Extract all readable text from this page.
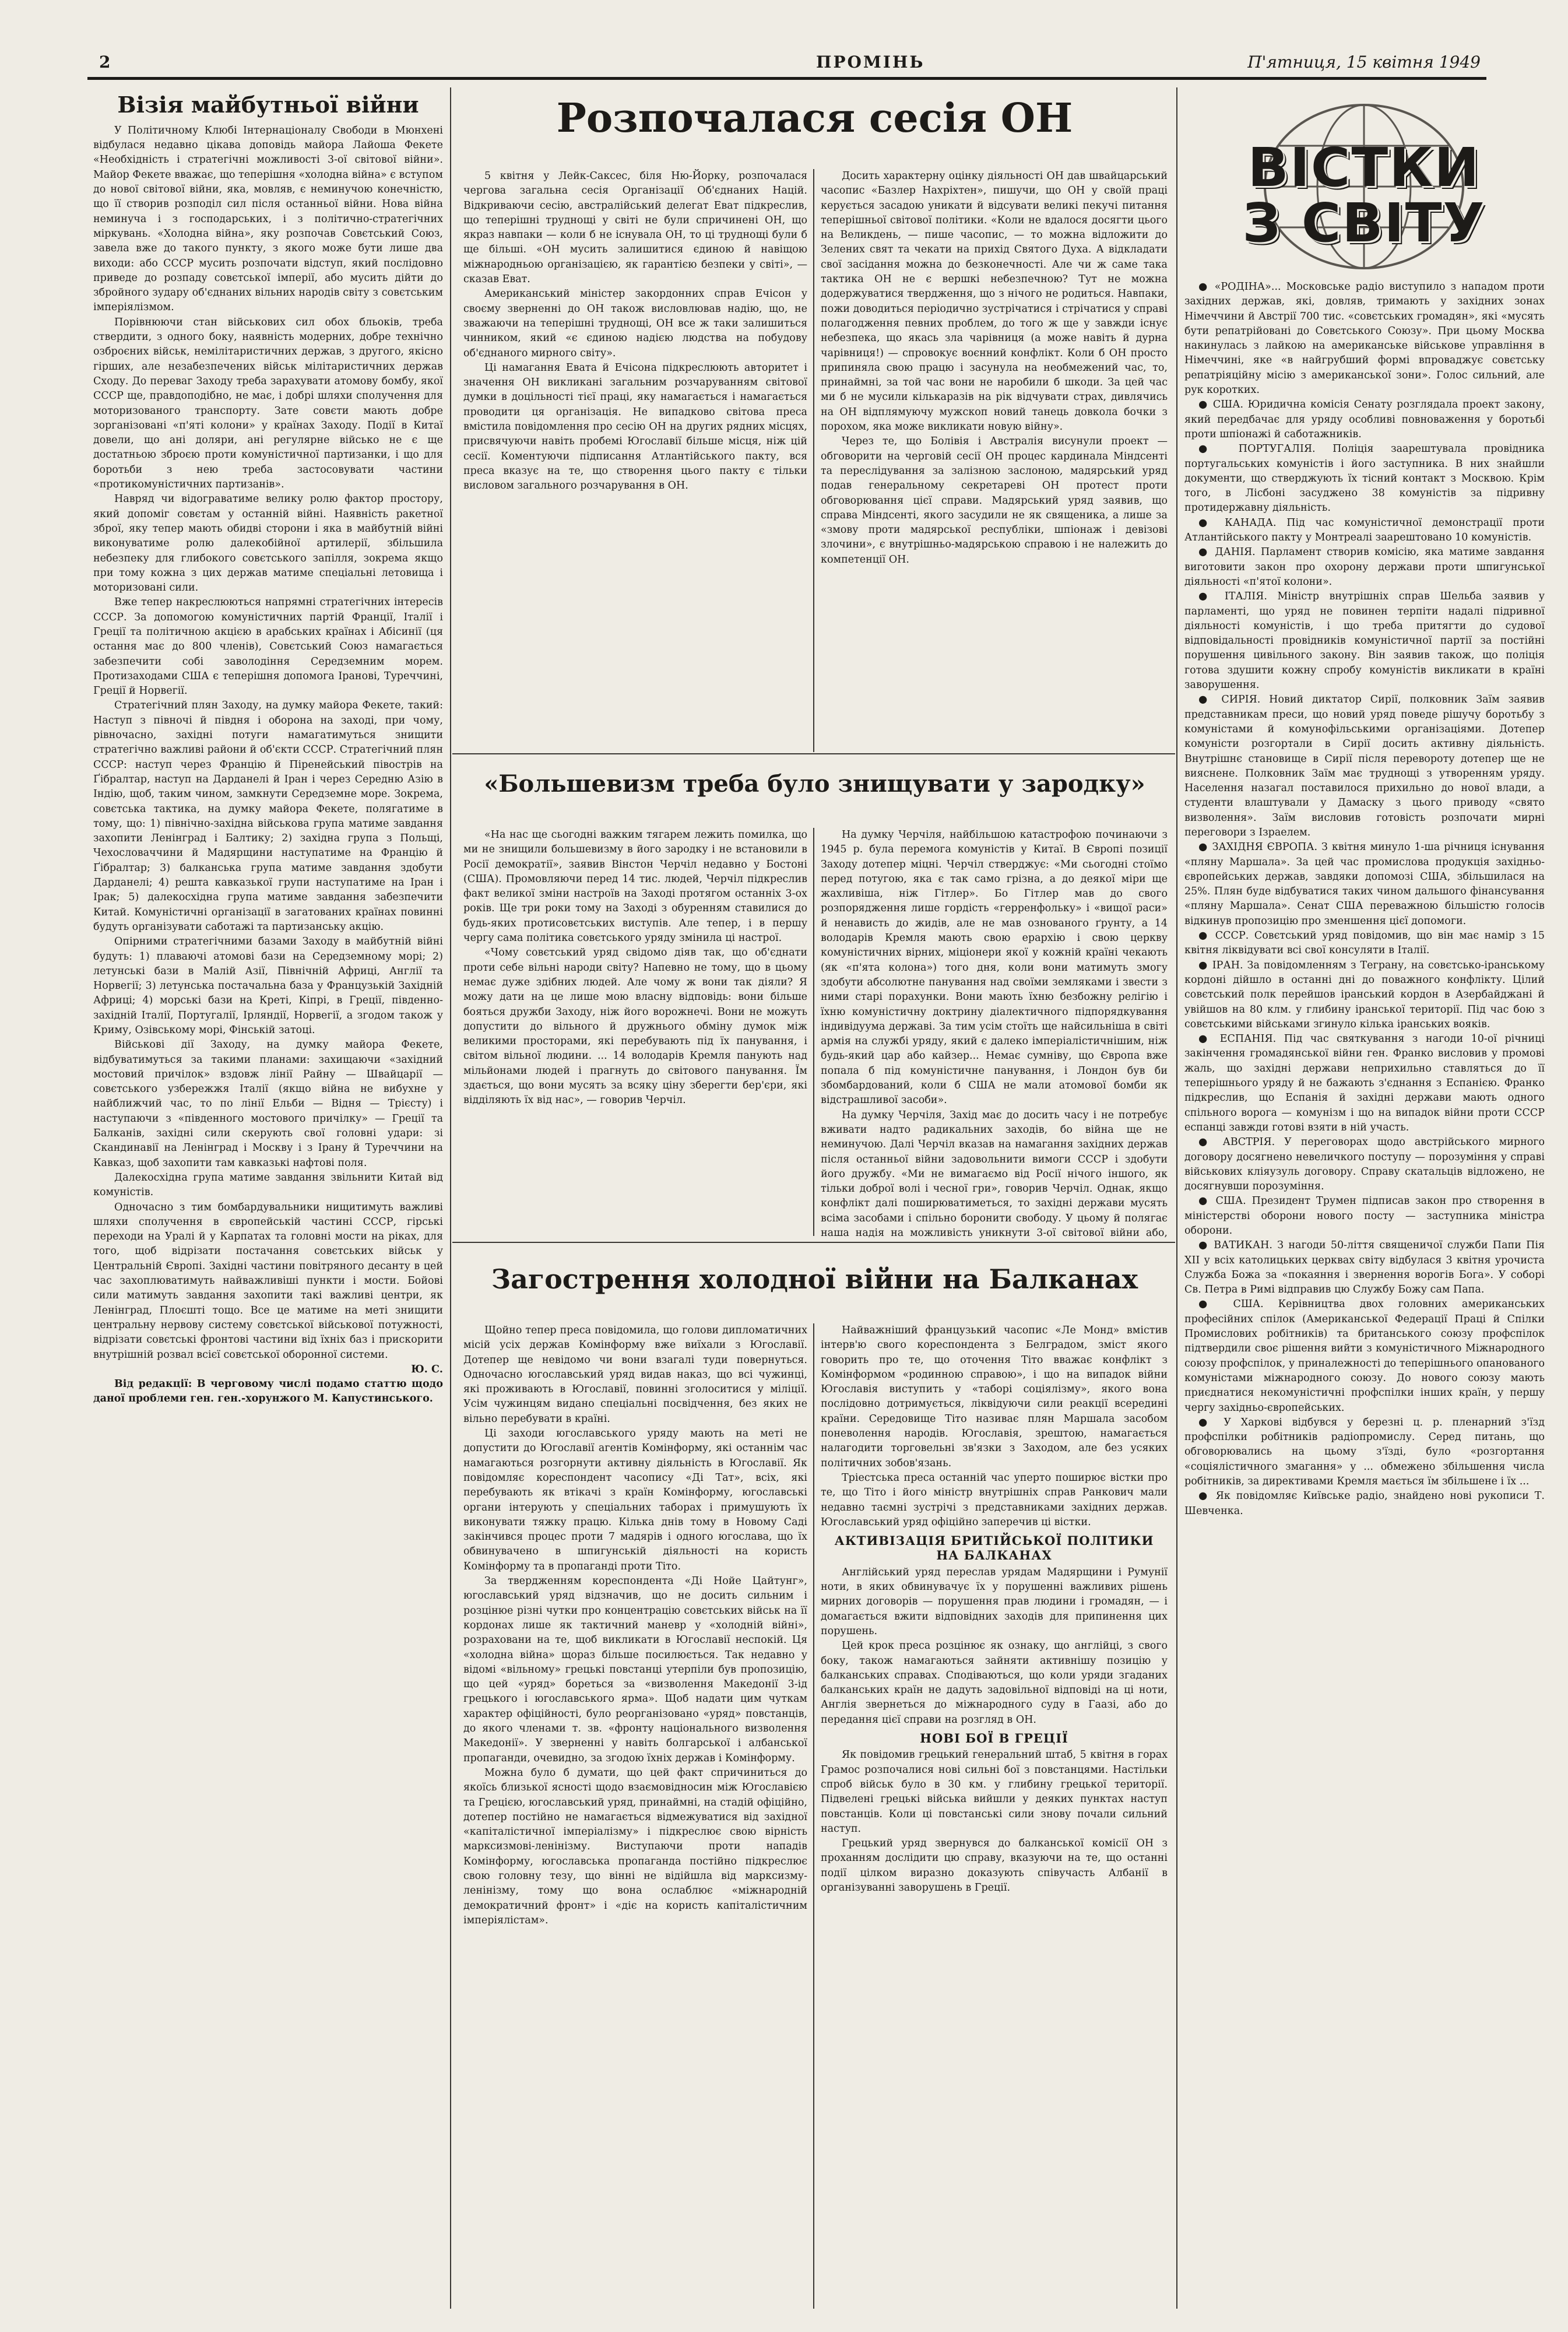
2	ПРОМІНЬ	П'ятниця, 15 квітня 1949
Візія майбутньої війни

У Політичному Клюбі Інтернаціоналу Свободи в Мюнхені відбулася недавно цікава доповідь майора Лайоша Фекете «Необхідність і стратегічні можливості 3-ої світової війни». Майор Фекете вважає, що теперішня «холодна війна» є вступом до нової світової війни, яка, мовляв, є неминучою конечністю, що її створив розподіл сил після останньої війни. Нова війна неминуча і з господарських, і з політично-стратегічних міркувань. «Холодна війна», яку розпочав Совєтський Союз, завела вже до такого пункту, з якого може бути лише два виходи: або СССР мусить розпочати відступ, який послідовно приведе до розпаду совєтської імперії, або мусить дійти до збройного зудару об'єднаних вільних народів світу з совєтським імперіялізмом.

Порівнюючи стан військових сил обох бльоків, треба ствердити, з одного боку, наявність модерних, добре технічно озброєних військ, немілітаристичних держав, з другого, якісно гірших, але незабезпечених військ мілітаристичних держав Сходу. До переваг Заходу треба зарахувати атомову бомбу, якої СССР ще, правдоподібно, не має, і добрі шляхи сполучення для моторизованого транспорту. Зате совєти мають добре зорганізовані «п'яті колони» у країнах Заходу. Події в Китаї довели, що ані доляри, ані регулярне військо не є ще достатньою зброєю проти комуністичної партизанки, і що для боротьби з нею треба застосовувати частини «протикомуністичних партизанів».

Навряд чи відограватиме велику ролю фактор простору, який допоміг совєтам у останній війні. Наявність ракетної зброї, яку тепер мають обидві сторони і яка в майбутній війні виконуватиме ролю далекобійної артилерії, збільшила небезпеку для глибокого совєтського запілля, зокрема якщо при тому кожна з цих держав матиме спеціальні летовища і моторизовані сили.

Вже тепер накреслюються напрямні стратегічних інтересів СССР. За допомогою комуністичних партій Франції, Італії і Греції та політичною акцією в арабських країнах і Абісинії (ця остання має до 800 членів), Совєтський Союз намагається забезпечити собі заволодіння Середземним морем. Протизаходами США є теперішня допомога Іранові, Туреччині, Греції й Норвегії.

Стратегічний плян Заходу, на думку майора Фекете, такий: Наступ з півночі й півдня і оборона на заході, при чому, рівночасно, західні потуги намагатимуться знищити стратегічно важливі райони й об'єкти СССР. Стратегічний плян СССР: наступ через Францію й Піренейський півострів на Ґібралтар, наступ на Дарданелі й Іран і через Середню Азію в Індію, щоб, таким чином, замкнути Середземне море. Зокрема, совєтська тактика, на думку майора Фекете, полягатиме в тому, що: 1) північно-західна військова група матиме завдання захопити Ленінград і Балтику; 2) західна група з Польщі, Чехословаччини й Мадярщини наступатиме на Францію й Ґібралтар; 3) балканська група матиме завдання здобути Дарданелі; 4) решта кавказької групи наступатиме на Іран і Ірак; 5) далекосхідна група матиме завдання забезпечити Китай. Комуністичні організації в загатованих країнах повинні будуть організувати саботажі та партизанську акцію.

Опірними стратегічними базами Заходу в майбутній війні будуть: 1) плаваючі атомові бази на Середземному морі; 2) летунські бази в Малій Азії, Північній Африці, Англії та Норвегії; 3) летунська постачальна база у Французькій Західній Африці; 4) морські бази на Креті, Кіпрі, в Греції, південно-західній Італії, Португалії, Ірляндії, Норвегії, а згодом також у Криму, Озівському морі, Фінській затоці.

Військові дії Заходу, на думку майора Фекете, відбуватимуться за такими планами: захищаючи «західний мостовий причілок» вздовж лінії Райну — Швайцарії — совєтського узбережжя Італії (якщо війна не вибухне у найближчий час, то по лінії Ельби — Відня — Трієсту) і наступаючи з «південного мостового причілку» — Греції та Балканів, західні сили скерують свої головні удари: зі Скандинавії на Ленінград і Москву і з Ірану й Туреччини на Кавказ, щоб захопити там кавказькі нафтові поля.

Далекосхідна група матиме завдання звільнити Китай від комуністів.

Одночасно з тим бомбардувальники нищитимуть важливі шляхи сполучення в європейській частині СССР, гірські переходи на Уралі й у Карпатах та головні мости на ріках, для того, щоб відрізати постачання совєтських військ у Центральній Європі. Західні частини повітряного десанту в цей час захоплюватимуть найважливіші пункти і мости. Бойові сили матимуть завдання захопити такі важливі центри, як Ленінград, Плоєшті тощо. Все це матиме на меті знищити центральну нервову систему совєтської військової потужності, відрізати совєтські фронтові частини від їхніх баз і прискорити внутрішній розвал всієї совєтської оборонної системи.

Ю. С.

Від редакції: В черговому числі подамо статтю щодо даної проблеми ген. ген.-хорунжого М. Капустинського.

Розпочалася сесія ОН

5 квітня у Лейк-Саксес, біля Ню-Йорку, розпочалася чергова загальна сесія Організації Об'єднаних Націй. Відкриваючи сесію, австралійський делегат Еват підкреслив, що теперішні труднощі у світі не були спричинені ОН, що якраз навпаки — коли б не існувала ОН, то ці труднощі були б ще більші. «ОН мусить залишитися єдиною й навіщою міжнародньою організацією, як гарантією безпеки у світі», — сказав Еват.

Американський міністер закордонних справ Ечісон у своєму зверненні до ОН також висловлював надію, що, не зважаючи на теперішні труднощі, ОН все ж таки залишиться чинником, який «є єдиною надією людства на побудову об'єднаного мирного світу».

Ці намагання Евата й Ечісона підкреслюють авторитет і значення ОН викликані загальним розчаруванням світової думки в доцільності тієї праці, яку намагається і намагається проводити ця організація. Не випадково світова преса вмістила повідомлення про сесію ОН на других рядних місцях, присвячуючи навіть пробемі Югославії більше місця, ніж цій сесії. Коментуючи підписання Атлантійського пакту, вся преса вказує на те, що створення цього пакту є тільки висловом загального розчарування в ОН.

Досить характерну оцінку діяльності ОН дав швайцарський часопис «Базлер Нахріхтен», пишучи, що ОН у своїй праці керується засадою уникати й відсувати великі пекучі питання теперішньої світової політики. «Коли не вдалося досягти цього на Великдень, — пише часопис, — то можна відложити до Зелених свят та чекати на прихід Святого Духа. А відкладати свої засідання можна до безконечності. Але чи ж саме така тактика ОН не є вершкі небезпечною? Тут не можна додержуватися твердження, що з нічого не родиться. Навпаки, пожи доводиться періодично зустрічатися і стрічатися у справі полагодження певних проблем, до того ж ще у завжди існує небезпека, що якась зла чарівниця (а може навіть й дурна чарівниця!) — спровокує воєнний конфлікт. Коли б ОН просто припиняла свою працю і засунула на необмежений час, то, принаймні, за той час вони не наробили б шкоди. За цей час ми б не мусили кількаразів на рік відчувати страх, дивлячись на ОН відплямуючу мужскоп новий танець довкола бочки з порохом, яка може викликати новую війну».

Через те, що Болівія і Австралія висунули проект — обговорити на черговій сесії ОН процес кардинала Міндсенті та переслідування за залізною заслоною, мадярський уряд подав генеральному секретареві ОН протест проти обговорювання цієї справи. Мадярський уряд заявив, що справа Міндсенті, якого засудили не як священика, а лише за «змову проти мадярської республіки, шпіонаж і девізові злочини», є внутрішньо-мадярською справою і не належить до компетенції ОН.

«Большевизм треба було знищувати у зародку»

«На нас ще сьогодні важким тягарем лежить помилка, що ми не знищили большевизму в його зародку і не встановили в Росії демократії», заявив Вінстон Черчіл недавно у Бостоні (США). Промовляючи перед 14 тис. людей, Черчіл підкреслив факт великої зміни настроїв на Заході протягом останніх 3-ох років. Ще три роки тому на Заході з обуренням ставилися до будь-яких протисовєтських виступів. Але тепер, і в першу чергу сама політика совєтського уряду змінила ці настрої.

«Чому совєтський уряд свідомо діяв так, що об'єднати проти себе вільні народи світу? Напевно не тому, що в цьому немає дуже здібних людей. Але чому ж вони так діяли? Я можу дати на це лише мою власну відповідь: вони більше бояться дружби Заходу, ніж його ворожнечі. Вони не можуть допустити до вільного й дружнього обміну думок між великими просторами, які перебувають під їх панування, і світом вільної людини. ... 14 володарів Кремля панують над мільйонами людей і прагнуть до світового панування. Їм здається, що вони мусять за всяку ціну зберегти бер'єри, які відділяють їх від нас», — говорив Черчіл.

На думку Черчіля, найбільшою катастрофою починаючи з 1945 р. була перемога комуністів у Китаї. В Європі позиції Заходу дотепер міцні. Черчіл стверджує: «Ми сьогодні стоїмо перед потугою, яка є так само грізна, а до деякої міри ще жахливіша, ніж Гітлер». Бо Гітлер мав до свого розпорядження лише гордість «герренфольку» і «вищої раси» й ненависть до жидів, але не мав ознованого ґрунту, а 14 володарів Кремля мають свою ерархію і свою церкву комуністичних вірних, міціонери якої у кожній країні чекають (як «п'ята колона») того дня, коли вони матимуть змогу здобути абсолютне панування над своїми земляками і звести з ними старі порахунки. Вони мають їхню безбожну релігію і їхню комуністичну доктрину діалектичного підпорядкування індивідуума державі. За тим усім стоїть ще найсильніша в світі армія на службі уряду, який є далеко імперіалістичнішим, ніж будь-який цар або кайзер... Немає сумніву, що Європа вже попала б під комуністичне панування, і Лондон був би збомбардований, коли б США не мали атомової бомби як відстрашливої засоби».

На думку Черчіля, Захід має до досить часу і не потребує вживати надто радикальних заходів, бо війна ще не неминучою. Далі Черчіл вказав на намагання західних держав після останньої війни задовольнити вимоги СССР і здобути його дружбу. «Ми не вимагаємо від Росії нічого іншого, як тільки доброї волі і чесної гри», говорив Черчіл. Однак, якщо конфлікт далі поширюватиметься, то західні держави мусять всіма засобами і спільно боронити свободу. У цьому й полягає наша надія на можливість уникнути 3-ої світової війни або,

Загострення холодної війни на Балканах

Щойно тепер преса повідомила, що голови дипломатичних місій усіх держав Комінформу вже виїхали з Югославії. Дотепер ще невідомо чи вони взагалі туди повернуться. Одночасно югославський уряд видав наказ, що всі чужинці, які проживають в Югославії, повинні зголоситися у міліції. Усім чужинцям видано спеціальні посвідчення, без яких не вільно перебувати в країні.

Ці заходи югославського уряду мають на меті не допустити до Югославії агентів Комінформу, які останнім час намагаються розгорнути активну діяльність в Югославії. Як повідомляє кореспондент часопису «Ді Тат», всіх, які перебувають як втікачі з країн Комінформу, югославські органи інтерують у спеціальних таборах і примушують їх виконувати тяжку працю. Кілька днів тому в Новому Саді закінчився процес проти 7 мадярів і одного югослава, що їх обвинувачено в шпигунській діяльності на користь Комінформу та в пропаганді проти Тіто.

За твердженням кореспондента «Ді Нойе Цайтунг», югославський уряд відзначив, що не досить сильним і розцінюе різні чутки про концентрацію совєтських військ на її кордонах лише як тактичний маневр у «холодній війні», розраховани на те, щоб викликати в Югославії неспокій. Ця «холодна війна» щораз більше посилюється. Так недавно у відомі «вільному» грецькі повстанці утерпіли був пропозицію, що цей «уряд» бореться за «визволення Македонії 3-ід грецького і югославського ярма». Щоб надати цим чуткам характер офіційності, було реорганізовано «уряд» повстанців, до якого членами т. зв. «фронту національного визволення Македонії». У зверненні у навіть болгарської і албанської пропаганди, очевидно, за згодою їхніх держав і Комінформу.

Можна було б думати, що цей факт спричиниться до якоїсь близької ясності щодо взаємовідносин між Югославією та Грецією, югославський уряд, принаймні, на стадій офіційно, дотепер постійно не намагається відмежуватися від західної «капіталістичної імперіалізму» і підкреслює свою вірність марксизмові-ленінізму. Виступаючи проти нападів Комінформу, югославська пропаганда постійно підкреслює свою головну тезу, що вінні не відійшла від марксизму-ленінізму, тому що вона ослаблює «міжнародній демократичний фронт» і «діє на користь капіталістичним імперіялістам».

Найважніший французький часопис «Ле Монд» вмістив інтерв'ю свого кореспондента з Белградом, зміст якого говорить про те, що оточення Тіто вважає конфлікт з Комінформом «родинною справою», і що на випадок війни Югославія виступить у «таборі соціялізму», якого вона послідовно дотримується, ліквідуючи сили реакції всередині країни. Середовище Тіто називає плян Маршала засобом поневолення народів. Югославія, зрештою, намагається налагодити торговельні зв'язки з Заходом, але без усяких політичних зобов'язань.

Тріестська преса останній час уперто поширює вістки про те, що Тіто і його міністр внутрішніх справ Ранкович мали недавно таємні зустрічі з представниками західних держав. Югославський уряд офіційно заперечив ці вістки.

АКТИВІЗАЦІЯ БРИТІЙСЬКОЇ ПОЛІТИКИ НА БАЛКАНАХ

Англійський уряд переслав урядам Мадярщини і Румунії ноти, в яких обвинувачує їх у порушенні важливих рішень мирних договорів — порушення прав людини і громадян, — і домагається вжити відповідних заходів для припинення цих порушень.

Цей крок преса розцінює як ознаку, що англійці, з свого боку, також намагаються зайняти активнішу позицію у балканських справах. Сподіваються, що коли уряди згаданих балканських країн не дадуть задовільної відповіді на ці ноти, Англія звернеться до міжнародного суду в Гаазі, або до передання цієї справи на розгляд в ОН.

НОВІ БОЇ В ГРЕЦІЇ

Як повідомив грецький генеральний штаб, 5 квітня в горах Грамос розпочалися нові сильні бої з повстанцями. Настільки спроб військ було в 30 км. у глибину грецької території. Підвелені грецькі війська вийшли у деяких пунктах наступ повстанців. Коли ці повстанські сили знову почали сильний наступ.

Грецький уряд звернувся до балканської комісії ОН з проханням дослідити цю справу, вказуючи на те, що останні події цілком виразно доказують співучасть Албанії в організуванні заворушень в Греції.

ВІСТКИ
З СВІТУ

● «РОДІНА»... Московське радіо виступило з нападом проти західних держав, які, довляв, тримають у західних зонах Німеччини й Австрії 700 тис. «совєтських громадян», які «мусять бути репатрійовані до Совєтського Союзу». При цьому Москва накинулась з лайкою на американське військове управління в Німеччині, яке «в найгрубший формі впроваджує совєтську репатріяційну місію з американської зони». Голос сильний, але рук коротких.

● США. Юридична комісія Сенату розглядала проект закону, який передбачає для уряду особливі повноваження у боротьбі проти шпіонажі й саботажників.

● ПОРТУГАЛІЯ. Поліція заарештувала провідника португальських комуністів і його заступника. В них знайшли документи, що стверджують їх тісний контакт з Москвою. Крім того, в Лісбоні засуджено 38 комуністів за підривну протидержавну діяльність.

● КАНАДА. Під час комуністичної демонстрації проти Атлантійського пакту у Монтреалі заарештовано 10 комуністів.

● ДАНІЯ. Парламент створив комісію, яка матиме завдання виготовити закон про охорону держави проти шпигунської діяльності «п'ятої колони».

● ІТАЛІЯ. Міністр внутрішніх справ Шельба заявив у парламенті, що уряд не повинен терпіти надалі підривної діяльності комуністів, і що треба притягти до судової відповідальності провідників комуністичної партії за постійні порушення цивільного закону. Він заявив також, що поліція готова здушити кожну спробу комуністів викликати в країні заворушення.

● СИРІЯ. Новий диктатор Сирії, полковник Заїм заявив представникам преси, що новий уряд поведе рішучу боротьбу з комуністами й комунофільськими організаціями. Дотепер комуністи розгортали в Сирії досить активну діяльність. Внутрішнє становище в Сирії після перевороту дотепер ще не вияснене. Полковник Заїм має труднощі з утворенням уряду. Населення назагал поставилося прихильно до нової влади, а студенти влаштували у Дамаску з цього приводу «свято визволення». Заїм висловив готовість розпочати мирні переговори з Ізраелем.

● ЗАХІДНЯ ЄВРОПА. З квітня минуло 1-ша річниця існування «пляну Маршала». За цей час промислова продукція західньо-європейських держав, завдяки допомозі США, збільшилася на 25%. Плян буде відбуватися таких чином дальшого фінансування «пляну Маршала». Сенат США переважною більшістю голосів відкинув пропозицію про зменшення цієї допомоги.

● СССР. Совєтський уряд повідомив, що він має намір з 15 квітня ліквідувати всі свої консуляти в Італії.

● ІРАН. За повідомленням з Теграну, на совєтсько-іранському кордоні дійшло в останні дні до поважного конфлікту. Цілий совєтський полк перейшов іранський кордон в Азербайджані й увійшов на 80 клм. у глибину іранської території. Під час бою з совєтськими військами згинуло кілька іранських вояків.

● ЕСПАНІЯ. Під час святкування з нагоди 10-ої річниці закінчення громадянської війни ген. Франко висловив у промові жаль, що західні держави неприхильно ставляться до її теперішнього уряду й не бажають з'єднання з Еспанією. Франко підкреслив, що Еспанія й західні держави мають одного спільного ворога — комунізм і що на випадок війни проти СССР еспанці завжди готові взяти в ній участь.

● АВСТРІЯ. У переговорах щодо австрійського мирного договору досягнено невеличкого поступу — порозуміння у справі військових кліяузуль договору. Справу скатальців відложено, не досягнувши порозуміння.

● США. Президент Трумен підписав закон про створення в міністерстві оборони нового посту — заступника міністра оборони.

● ВАТИКАН. З нагоди 50-ліття священичої служби Папи Пія XII у всіх католицьких церквах світу відбулася 3 квітня урочиста Служба Божа за «покаяння і звернення ворогів Бога». У соборі Св. Петра в Римі відправив цю Службу Божу сам Папа.

● США. Керівництва двох головних американських професійних спілок (Американської Федерації Праці й Спілки Промислових робітників) та британського союзу профспілок підтвердили своє рішення вийти з комуністичного Міжнародного союзу профспілок, у приналежності до теперішнього опанованого комуністами міжнародного союзу. До нового союзу мають приєднатися некомуністичні профспілки інших країн, у першу чергу західньо-європейських.

● У Харкові відбувся у березні ц. р. пленарний з'їзд профспілки робітників радіопромислу. Серед питань, що обговорювались на цьому з'їзді, було «розгортання «соціялістичного змагання» у ... обмежено збільшення числа робітників, за директивами Кремля мається їм збільшене і їх ...

● Як повідомляє Київське радіо, знайдено нові рукописи Т. Шевченка.
